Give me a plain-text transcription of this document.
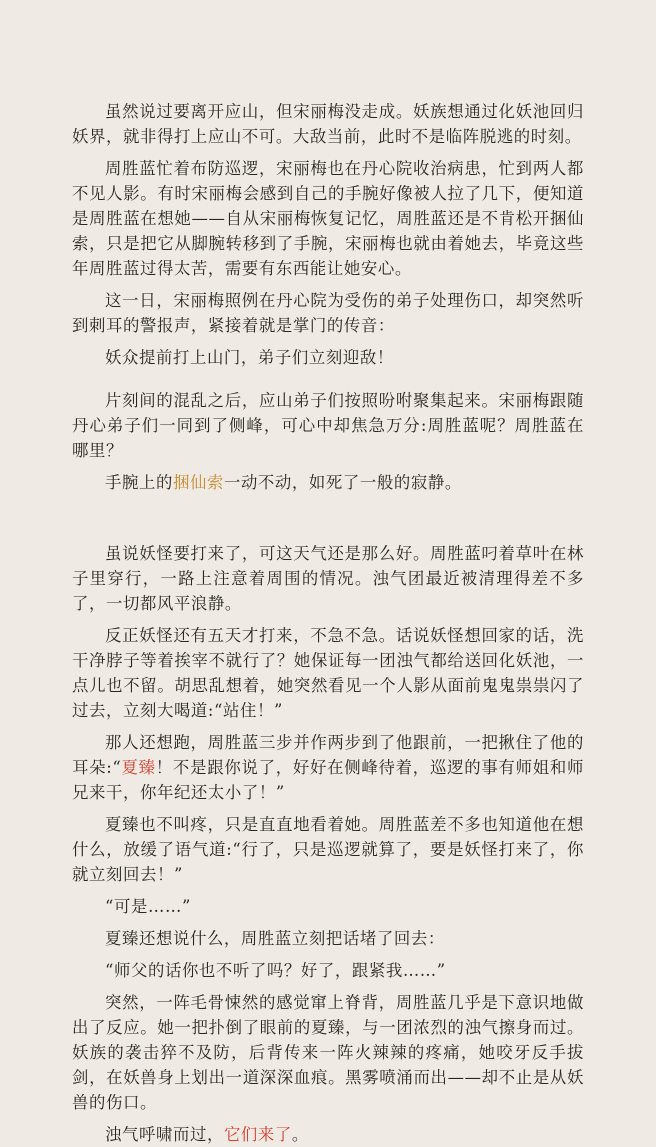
虽然说过要离开应山，但宋丽梅没走成。妖族想通过化妖池回归妖界，就非得打上应山不可。大敌当前，此时不是临阵脱逃的时刻。

周胜蓝忙着布防巡逻，宋丽梅也在丹心院收治病患，忙到两人都不见人影。有时宋丽梅会感到自己的手腕好像被人拉了几下，便知道是周胜蓝在想她——自从宋丽梅恢复记忆，周胜蓝还是不肯松开捆仙索，只是把它从脚腕转移到了手腕，宋丽梅也就由着她去，毕竟这些年周胜蓝过得太苦，需要有东西能让她安心。

这一日，宋丽梅照例在丹心院为受伤的弟子处理伤口，却突然听到刺耳的警报声，紧接着就是掌门的传音：

妖众提前打上山门，弟子们立刻迎敌！

片刻间的混乱之后，应山弟子们按照吩咐聚集起来。宋丽梅跟随丹心弟子们一同到了侧峰，可心中却焦急万分:周胜蓝呢？周胜蓝在哪里？

手腕上的捆仙索一动不动，如死了一般的寂静。

虽说妖怪要打来了，可这天气还是那么好。周胜蓝叼着草叶在林子里穿行，一路上注意着周围的情况。浊气团最近被清理得差不多了，一切都风平浪静。

反正妖怪还有五天才打来，不急不急。话说妖怪想回家的话，洗干净脖子等着挨宰不就行了？她保证每一团浊气都给送回化妖池，一点儿也不留。胡思乱想着，她突然看见一个人影从面前鬼鬼祟祟闪了过去，立刻大喝道:“站住！”

那人还想跑，周胜蓝三步并作两步到了他跟前，一把揪住了他的耳朵:“夏臻！不是跟你说了，好好在侧峰待着，巡逻的事有师姐和师兄来干，你年纪还太小了！”

夏臻也不叫疼，只是直直地看着她。周胜蓝差不多也知道他在想什么，放缓了语气道:“行了，只是巡逻就算了，要是妖怪打来了，你就立刻回去！”

“可是……”

夏臻还想说什么，周胜蓝立刻把话堵了回去：

“师父的话你也不听了吗？好了，跟紧我……”

突然，一阵毛骨悚然的感觉窜上脊背，周胜蓝几乎是下意识地做出了反应。她一把扑倒了眼前的夏臻，与一团浓烈的浊气擦身而过。妖族的袭击猝不及防，后背传来一阵火辣辣的疼痛，她咬牙反手拔剑，在妖兽身上划出一道深深血痕。黑雾喷涌而出——却不止是从妖兽的伤口。

浊气呼啸而过，它们来了。
